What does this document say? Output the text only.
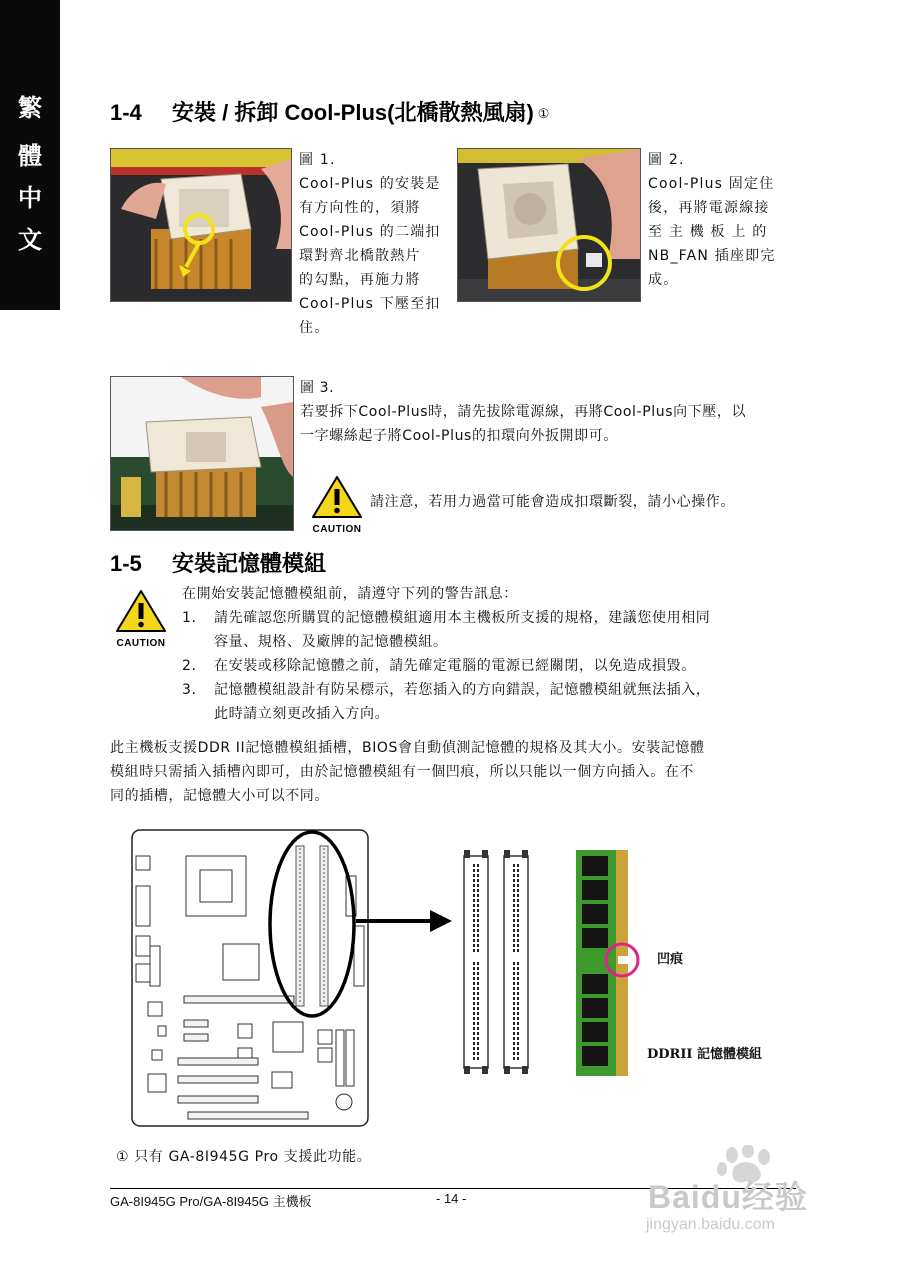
繁
體
中
文
1-4 安裝 / 拆卸 Cool-Plus(北橋散熱風扇) ①
圖 1.
Cool-Plus 的安裝是
有方向性的，須將
Cool-Plus 的二端扣
環對齊北橋散熱片
的勾點，再施力將
Cool-Plus 下壓至扣
住。
圖 2.
Cool-Plus 固定住
後，再將電源線接
至 主 機 板 上 的
NB_FAN 插座即完
成。
圖 3.
若要拆下Cool-Plus時，請先拔除電源線，再將Cool-Plus向下壓，以
一字螺絲起子將Cool-Plus的扣環向外扳開即可。
CAUTION
請注意，若用力過當可能會造成扣環斷裂，請小心操作。
1-5 安裝記憶體模組
CAUTION
在開始安裝記憶體模組前，請遵守下列的警告訊息：
1. 請先確認您所購買的記憶體模組適用本主機板所支援的規格，建議您使用相同
容量、規格、及廠牌的記憶體模組。
2. 在安裝或移除記憶體之前，請先確定電腦的電源已經關閉，以免造成損毀。
3. 記憶體模組設計有防呆標示，若您插入的方向錯誤，記憶體模組就無法插入，
此時請立刻更改插入方向。
此主機板支援DDR II記憶體模組插槽，BIOS會自動偵測記憶體的規格及其大小。安裝記憶體
模組時只需插入插槽內即可，由於記憶體模組有一個凹痕，所以只能以一個方向插入。在不
同的插槽，記憶體大小可以不同。
凹痕
DDRII 記憶體模組
① 只有 GA-8I945G Pro 支援此功能。
GA-8I945G Pro/GA-8I945G 主機板	- 14 -	Baidu经验
jingyan.baidu.com
